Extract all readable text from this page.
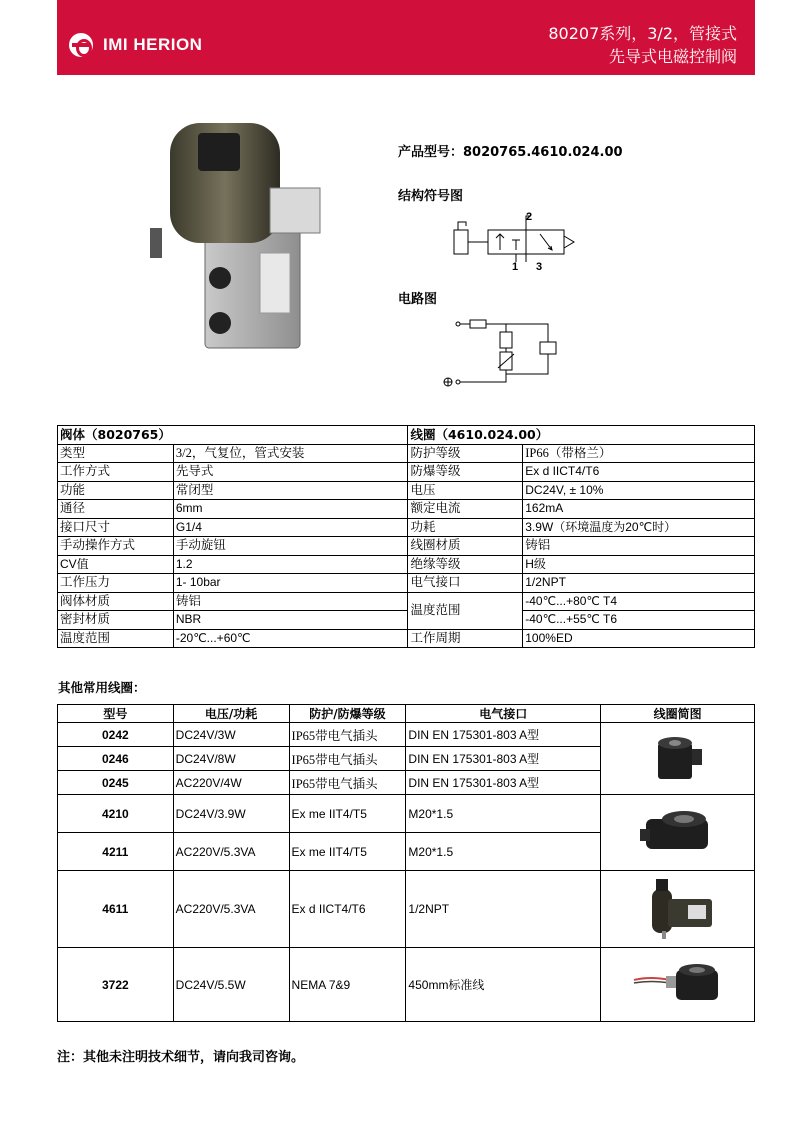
IMI HERION
80207系列，3/2，管接式
先导式电磁控制阀
产品型号：8020765.4610.024.00
结构符号图
2
1 3
电路图
阀体（8020765）		线圈（4610.024.00）	
类型	3/2，气复位，管式安装	防护等级	IP66（带格兰）
工作方式	先导式	防爆等级	Ex d IICT4/T6
功能	常闭型	电压	DC24V, ± 10%
通径	6mm	额定电流	162mA
接口尺寸	G1/4	功耗	3.9W（环境温度为20℃时）
手动操作方式	手动旋钮	线圈材质	铸铝
CV值	1.2	绝缘等级	H级
工作压力	1- 10bar	电气接口	1/2NPT
阀体材质	铸铝	温度范围	-40℃...+80℃ T4
密封材质	NBR		-40℃...+55℃ T6
温度范围	-20℃...+60℃	工作周期	100%ED
其他常用线圈：
型号	电压/功耗	防护/防爆等级	电气接口	线圈简图
0242	DC24V/3W	IP65带电气插头	DIN EN 175301-803 A型	
0246	DC24V/8W	IP65带电气插头	DIN EN 175301-803 A型	
0245	AC220V/4W	IP65带电气插头	DIN EN 175301-803 A型	
4210	DC24V/3.9W	Ex me IIT4/T5	M20*1.5	
4211	AC220V/5.3VA	Ex me IIT4/T5	M20*1.5	
4611	AC220V/5.3VA	Ex d IICT4/T6	1/2NPT	
3722	DC24V/5.5W	NEMA 7&9	450mm标准线	
注：其他未注明技术细节，请向我司咨询。
